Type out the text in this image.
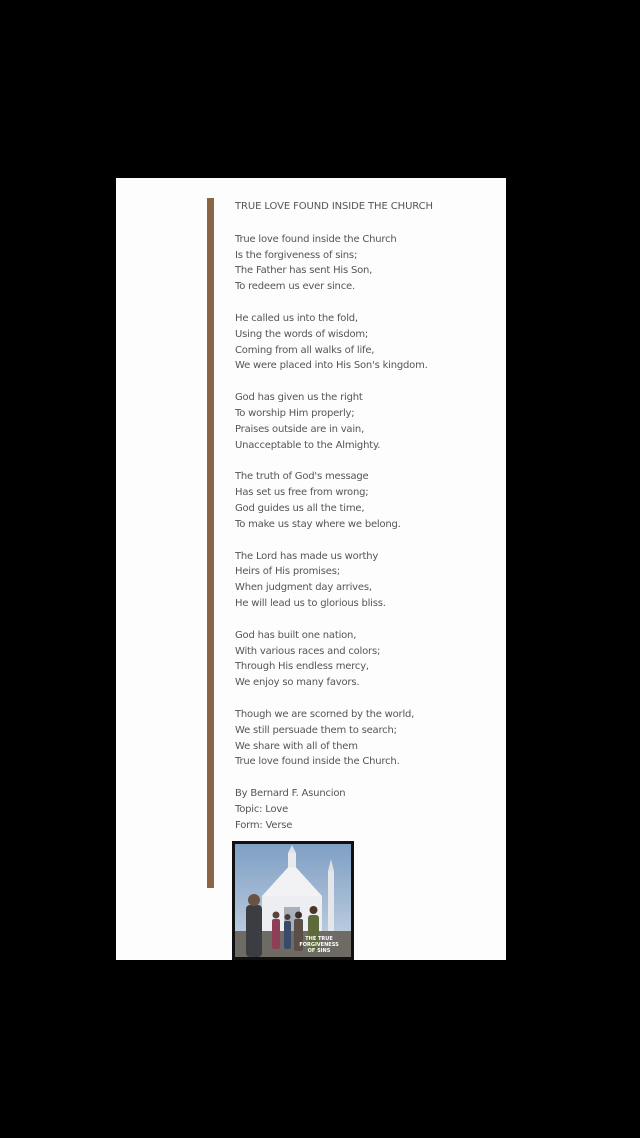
TRUE LOVE FOUND INSIDE THE CHURCH
True love found inside the Church
Is the forgiveness of sins;
The Father has sent His Son,
To redeem us ever since.
He called us into the fold,
Using the words of wisdom;
Coming from all walks of life,
We were placed into His Son's kingdom.
God has given us the right
To worship Him properly;
Praises outside are in vain,
Unacceptable to the Almighty.
The truth of God's message
Has set us free from wrong;
God guides us all the time,
To make us stay where we belong.
The Lord has made us worthy
Heirs of His promises;
When judgment day arrives,
He will lead us to glorious bliss.
God has built one nation,
With various races and colors;
Through His endless mercy,
We enjoy so many favors.
Though we are scorned by the world,
We still persuade them to search;
We share with all of them
True love found inside the Church.
By Bernard F. Asuncion
Topic: Love
Form: Verse
THE TRUE
FORGIVENESS
OF SINS
